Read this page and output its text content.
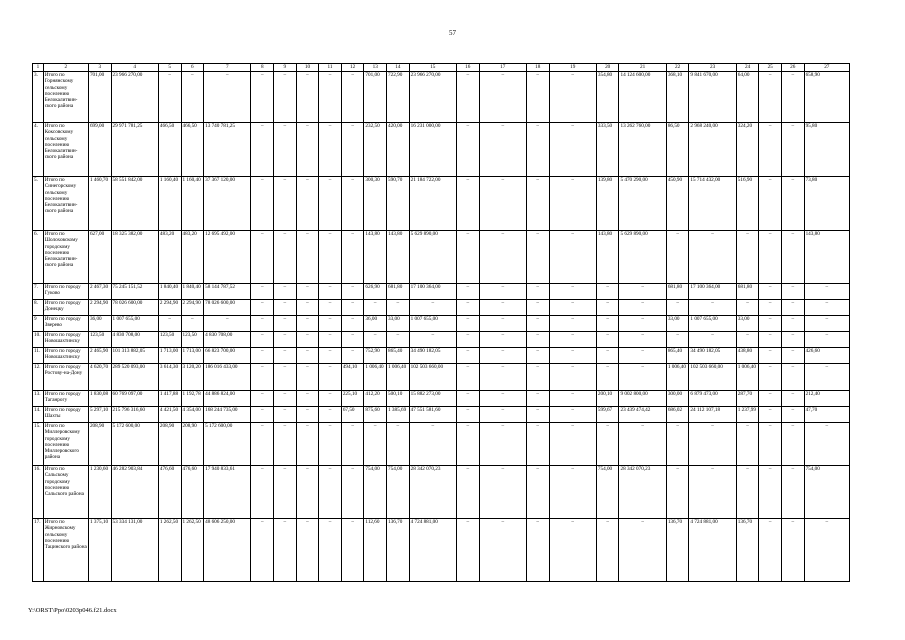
57
1	2	3	4	5	6	7	8	9	10	11	12	13	14	15	16	17	18	19	20	21	22	23	24	25	26	27
3.	Итого по Горнянскому сельскому поселению Белокалитвин-ского района	701,00	23 966 270,00	–	–	–	–	–	–	–	–	701,00	722,90	23 966 270,00	–	–	–	–	354,80	14 124 600,00	368,10	9 841 670,00	64,00	–	–	658,90
4.	Итого по Коксовскому сельскому поселению Белокалитвин-ского района	699,00	29 971 781,25	466,50	466,50	13 740 781,25	–	–	–	–	–	232,50	420,00	16 231 000,00	–	–	–	–	333,50	13 262 760,00	86,50	2 968 240,00	324,20	–	–	95,80
5.	Итого по Синегорскому сельскому поселению Белокалитвин-ского района	1 460,70	58 551 842,00	1 160,40	1 160,40	37 367 120,00	–	–	–	–	–	300,30	590,70	21 184 722,00	–	–	–	–	139,80	5 470 290,00	450,90	15 714 432,00	516,90	–	–	73,80
6.	Итого по Шолоховскому городскому поселению Белокалитвин-ского района	627,00	18 325 382,00	483,20	483,20	12 695 492,00	–	–	–	–	–	143,80	143,80	5 629 890,00	–	–	–	–	143,80	5 629 890,00	–	–	–	–	–	143,80
7.	Итого по городу Гуково	2 467,30	75 245 151,52	1 840,40	1 840,40	58 144 787,52	–	–	–	–	–	626,90	681,80	17 100 364,00	–	–	–	–	–	–	681,80	17 100 364,00	681,80	–	–	–
8.	Итого по городу Донецку	2 294,90	78 026 600,00	2 294,90	2 294,90	78 026 600,00	–	–	–	–	–	–	–	–	–	–	–	–	–	–	–	–	–	–	–	–
9	Итого по городу Зверево	36,00	1 007 655,00	–	–	–	–	–	–	–	–	36,00	33,00	1 007 655,00	–	–	–	–	–	–	33,00	1 007 655,00	33,00	–	–	–
10.	Итого по городу Новошахтинску	123,50	4 830 708,00	123,50	123,50	4 830 708,00	–	–	–	–	–	–	–	–	–	–	–	–	–	–	–	–	–	–	–	–
11.	Итого по городу Новошахтинску	2 465,90	101 313 882,05	1 713,00	1 713,00	66 823 700,00	–	–	–	–	–	752,90	865,40	34 490 182,05	–	–	–	–	–	–	865,40	34 490 182,05	438,80	–	–	426,60
12.	Итого по городу Ростову-на-Дону	4 620,70	289 520 093,00	3 614,30	3 120,20	186 016 433,00	–	–	–	–	494,10	1 006,40	1 006,40	102 503 660,00	–	–	–	–	–	–	1 006,40	102 503 660,00	1 006,40	–	–	–
13.	Итого по городу Таганрогу	1 830,08	60 769 097,00	1 417,88	1 192,78	44 886 824,00	–	–	–	–	225,10	412,20	500,10	15 882 273,00	–	–	–	–	200,10	9 002 800,00	300,00	6 879 473,00	287,70	–	–	212,40
14.	Итого по городу Шахты	5 297,10	215 796 316,60	4 421,50	4 354,00	168 244 735,00	–	–	–	–	67,50	875,60	1 385,69	47 551 581,60	–	–	–	–	599,67	23 439 474,42	686,02	24 112 107,18	1 237,99	–	–	47,70
15.	Итого по Миллеровскому городскому поселению Миллеровского района	208,90	5 172 600,00	208,90	208,90	5 172 600,00	–	–	–	–	–	–	–	–	–	–	–	–	–	–	–	–	–	–	–	–
16.	Итого по Сальскому городскому поселению Сальского района	1 230,60	46 282 903,84	476,60	476,60	17 940 833,61	–	–	–	–	–	754,00	754,00	28 342 070,23	–	–	–	–	754,00	28 342 070,23	–	–	–	–	–	754,00
17.	Итого по Жирновскому сельскому поселению Тацинского района	1 375,10	53 334 131,00	1 262,50	1 262,50	48 606 250,00	–	–	–	–	–	112,60	136,70	4 724 881,00	–	–	–	–	–	–	136,70	4 724 881,00	136,70	–	–	–
Y:\ORST\Ppo\0203p046.f21.docx
